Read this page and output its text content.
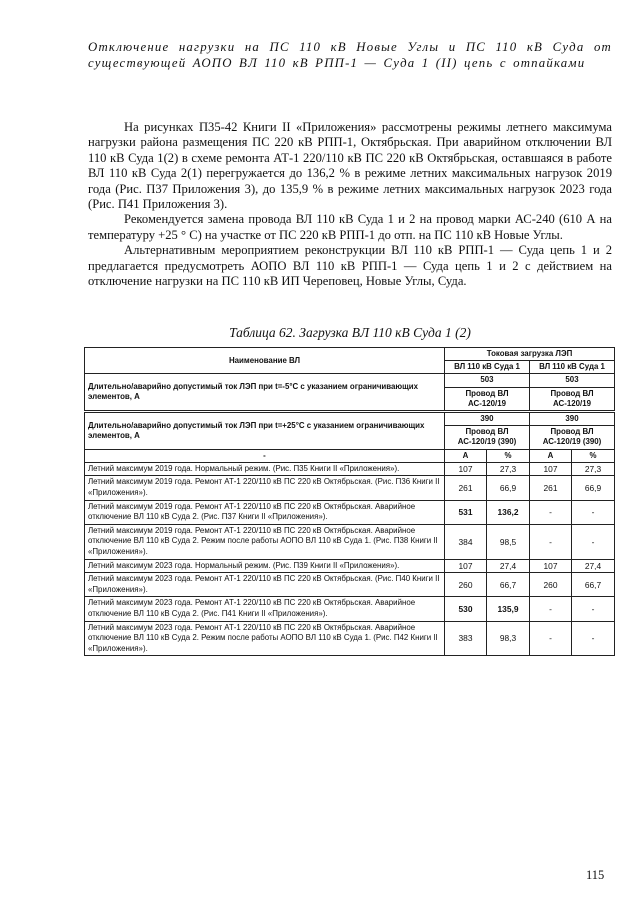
Отключение нагрузки на ПС 110 кВ Новые Углы и ПС 110 кВ Суда от существующей АОПО ВЛ 110 кВ РПП-1 — Суда 1 (II) цепь с отпайками

На рисунках П35-42 Книги II «Приложения» рассмотрены режимы летнего максимума нагрузки района размещения ПС 220 кВ РПП-1, Октябрьская. При аварийном отключении ВЛ 110 кВ Суда 1(2) в схеме ремонта АТ-1 220/110 кВ ПС 220 кВ Октябрьская, оставшаяся в работе ВЛ 110 кВ Суда 2(1) перегружается до 136,2 % в режиме летних максимальных нагрузок 2019 года (Рис. П37 Приложения 3), до 135,9 % в режиме летних максимальных нагрузок 2023 года (Рис. П41 Приложения 3).

Рекомендуется замена провода ВЛ 110 кВ Суда 1 и 2 на провод марки АС-240 (610 А на температуру +25 ° С) на участке от ПС 220 кВ РПП-1 до отп. на ПС 110 кВ Новые Углы.

Альтернативным мероприятием реконструкции ВЛ 110 кВ РПП-1 — Суда цепь 1 и 2 предлагается предусмотреть АОПО ВЛ 110 кВ РПП-1 — Суда цепь 1 и 2 с действием на отключение нагрузки на ПС 110 кВ ИП Череповец, Новые Углы, Суда.

Таблица 62. Загрузка ВЛ 110 кВ Суда 1 (2)
Наименование ВЛ	Токовая загрузка ЛЭП			
	ВЛ 110 кВ Суда 1		ВЛ 110 кВ Суда 1	
Длительно/аварийно допустимый ток ЛЭП при t=-5°С с указанием ограничивающих элементов, А	503		503	
	Провод ВЛ АС-120/19		Провод ВЛ АС-120/19	
Длительно/аварийно допустимый ток ЛЭП при t=+25°С с указанием ограничивающих элементов, А	390		390	
	Провод ВЛ АС-120/19 (390)		Провод ВЛ АС-120/19 (390)	
-	А	%	А	%
Летний максимум 2019 года. Нормальный режим. (Рис. П35 Книги II «Приложения»).	107	27,3	107	27,3
Летний максимум 2019 года. Ремонт АТ-1 220/110 кВ ПС 220 кВ Октябрьская. (Рис. П36 Книги II «Приложения»).	261	66,9	261	66,9
Летний максимум 2019 года. Ремонт АТ-1 220/110 кВ ПС 220 кВ Октябрьская. Аварийное отключение ВЛ 110 кВ Суда 2. (Рис. П37 Книги II «Приложения»).	531	136,2	-	-
Летний максимум 2019 года. Ремонт АТ-1 220/110 кВ ПС 220 кВ Октябрьская. Аварийное отключение ВЛ 110 кВ Суда 2. Режим после работы АОПО ВЛ 110 кВ Суда 1. (Рис. П38 Книги II «Приложения»).	384	98,5	-	-
Летний максимум 2023 года. Нормальный режим. (Рис. П39 Книги II «Приложения»).	107	27,4	107	27,4
Летний максимум 2023 года. Ремонт АТ-1 220/110 кВ ПС 220 кВ Октябрьская. (Рис. П40 Книги II «Приложения»).	260	66,7	260	66,7
Летний максимум 2023 года. Ремонт АТ-1 220/110 кВ ПС 220 кВ Октябрьская. Аварийное отключение ВЛ 110 кВ Суда 2. (Рис. П41 Книги II «Приложения»).	530	135,9	-	-
Летний максимум 2023 года. Ремонт АТ-1 220/110 кВ ПС 220 кВ Октябрьская. Аварийное отключение ВЛ 110 кВ Суда 2. Режим после работы АОПО ВЛ 110 кВ Суда 1. (Рис. П42 Книги II «Приложения»).	383	98,3	-	-
115
